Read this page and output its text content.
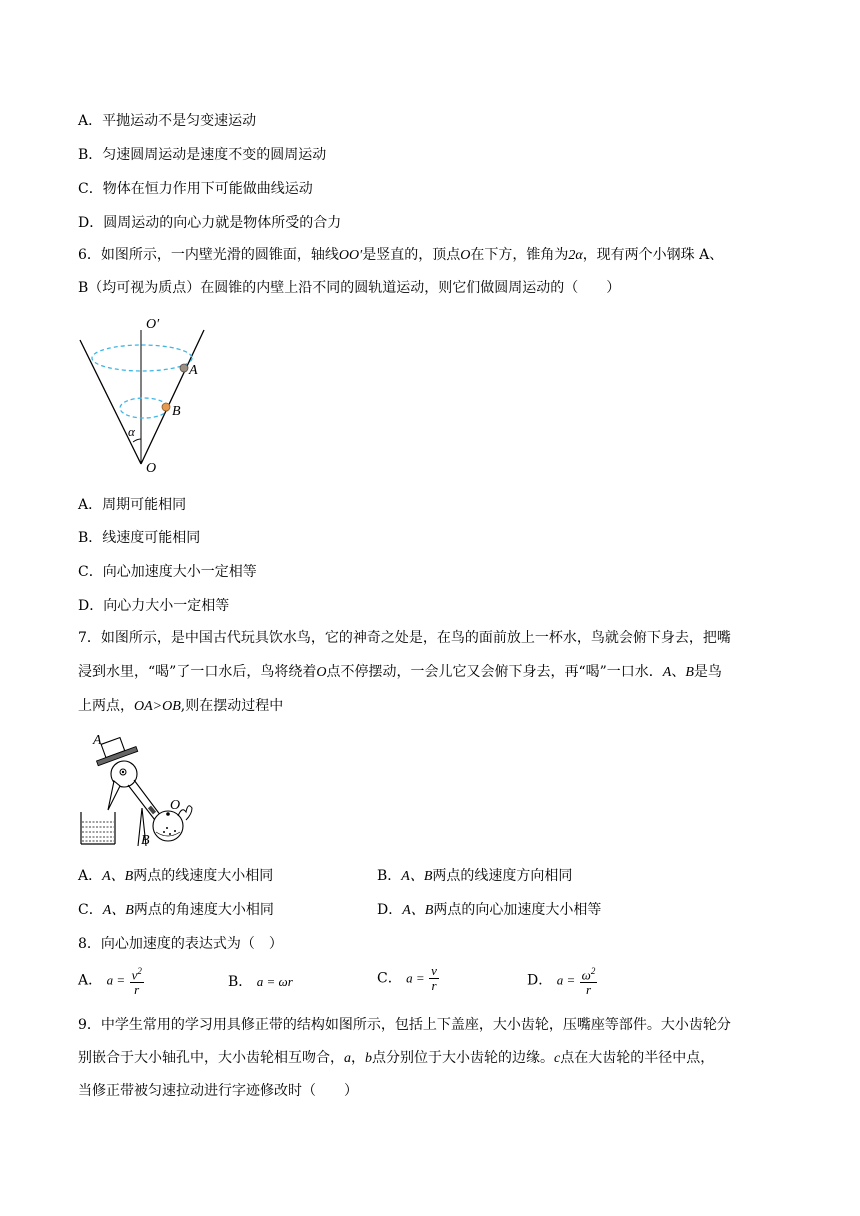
A．平抛运动不是匀变速运动
B．匀速圆周运动是速度不变的圆周运动
C．物体在恒力作用下可能做曲线运动
D．圆周运动的向心力就是物体所受的合力
6．如图所示，一内壁光滑的圆锥面，轴线OO′是竖直的，顶点O在下方，锥角为2α，现有两个小钢珠 A、
B（均可视为质点）在圆锥的内壁上沿不同的圆轨道运动，则它们做圆周运动的（　　）
O′
A
B
α
O
A．周期可能相同
B．线速度可能相同
C．向心加速度大小一定相等
D．向心力大小一定相等
7．如图所示，是中国古代玩具饮水鸟，它的神奇之处是，在鸟的面前放上一杯水，鸟就会俯下身去，把嘴
浸到水里，“喝”了一口水后，鸟将绕着O点不停摆动，一会儿它又会俯下身去，再“喝”一口水．A、B是鸟
上两点，OA>OB,则在摆动过程中
A
O
B
A．A、B两点的线速度大小相同	B．A、B两点的线速度方向相同
C．A、B两点的角速度大小相同	D．A、B两点的向心加速度大小相等
8．向心加速度的表达式为（　）
A． $a = \frac{v^2}{r}$	B． a = ωr	C． $a = \frac{v}{r}$	D． $a = \frac{\omega^2}{r}$
9．中学生常用的学习用具修正带的结构如图所示，包括上下盖座，大小齿轮，压嘴座等部件。大小齿轮分
别嵌合于大小轴孔中，大小齿轮相互吻合，a，b点分别位于大小齿轮的边缘。c点在大齿轮的半径中点，
当修正带被匀速拉动进行字迹修改时（　　）
